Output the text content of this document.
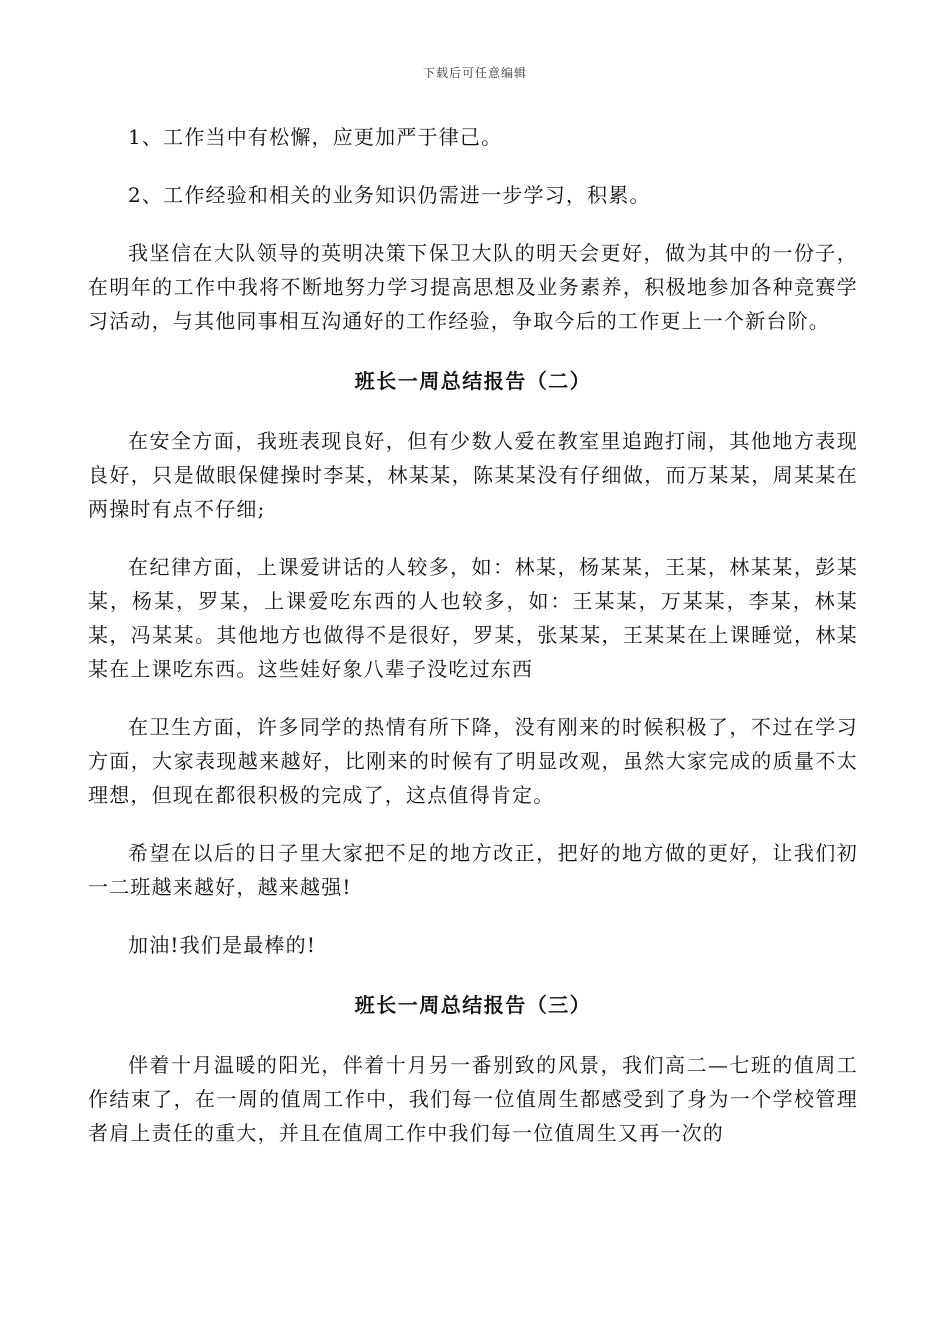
下载后可任意编辑

1、工作当中有松懈，应更加严于律己。

2、工作经验和相关的业务知识仍需进一步学习，积累。

我坚信在大队领导的英明决策下保卫大队的明天会更好，做为其中的一份子，在明年的工作中我将不断地努力学习提高思想及业务素养，积极地参加各种竞赛学习活动，与其他同事相互沟通好的工作经验，争取今后的工作更上一个新台阶。

班长一周总结报告（二）

在安全方面，我班表现良好，但有少数人爱在教室里追跑打闹，其他地方表现良好，只是做眼保健操时李某，林某某，陈某某没有仔细做，而万某某，周某某在两操时有点不仔细;

在纪律方面，上课爱讲话的人较多，如：林某，杨某某，王某，林某某，彭某某，杨某，罗某，上课爱吃东西的人也较多，如：王某某，万某某，李某，林某某，冯某某。其他地方也做得不是很好，罗某，张某某，王某某在上课睡觉，林某某在上课吃东西。这些娃好象八辈子没吃过东西

在卫生方面，许多同学的热情有所下降，没有刚来的时候积极了，不过在学习方面，大家表现越来越好，比刚来的时候有了明显改观，虽然大家完成的质量不太理想，但现在都很积极的完成了，这点值得肯定。

希望在以后的日子里大家把不足的地方改正，把好的地方做的更好，让我们初一二班越来越好，越来越强!

加油!我们是最棒的!

班长一周总结报告（三）

伴着十月温暖的阳光，伴着十月另一番别致的风景，我们高二—七班的值周工作结束了，在一周的值周工作中，我们每一位值周生都感受到了身为一个学校管理者肩上责任的重大，并且在值周工作中我们每一位值周生又再一次的
